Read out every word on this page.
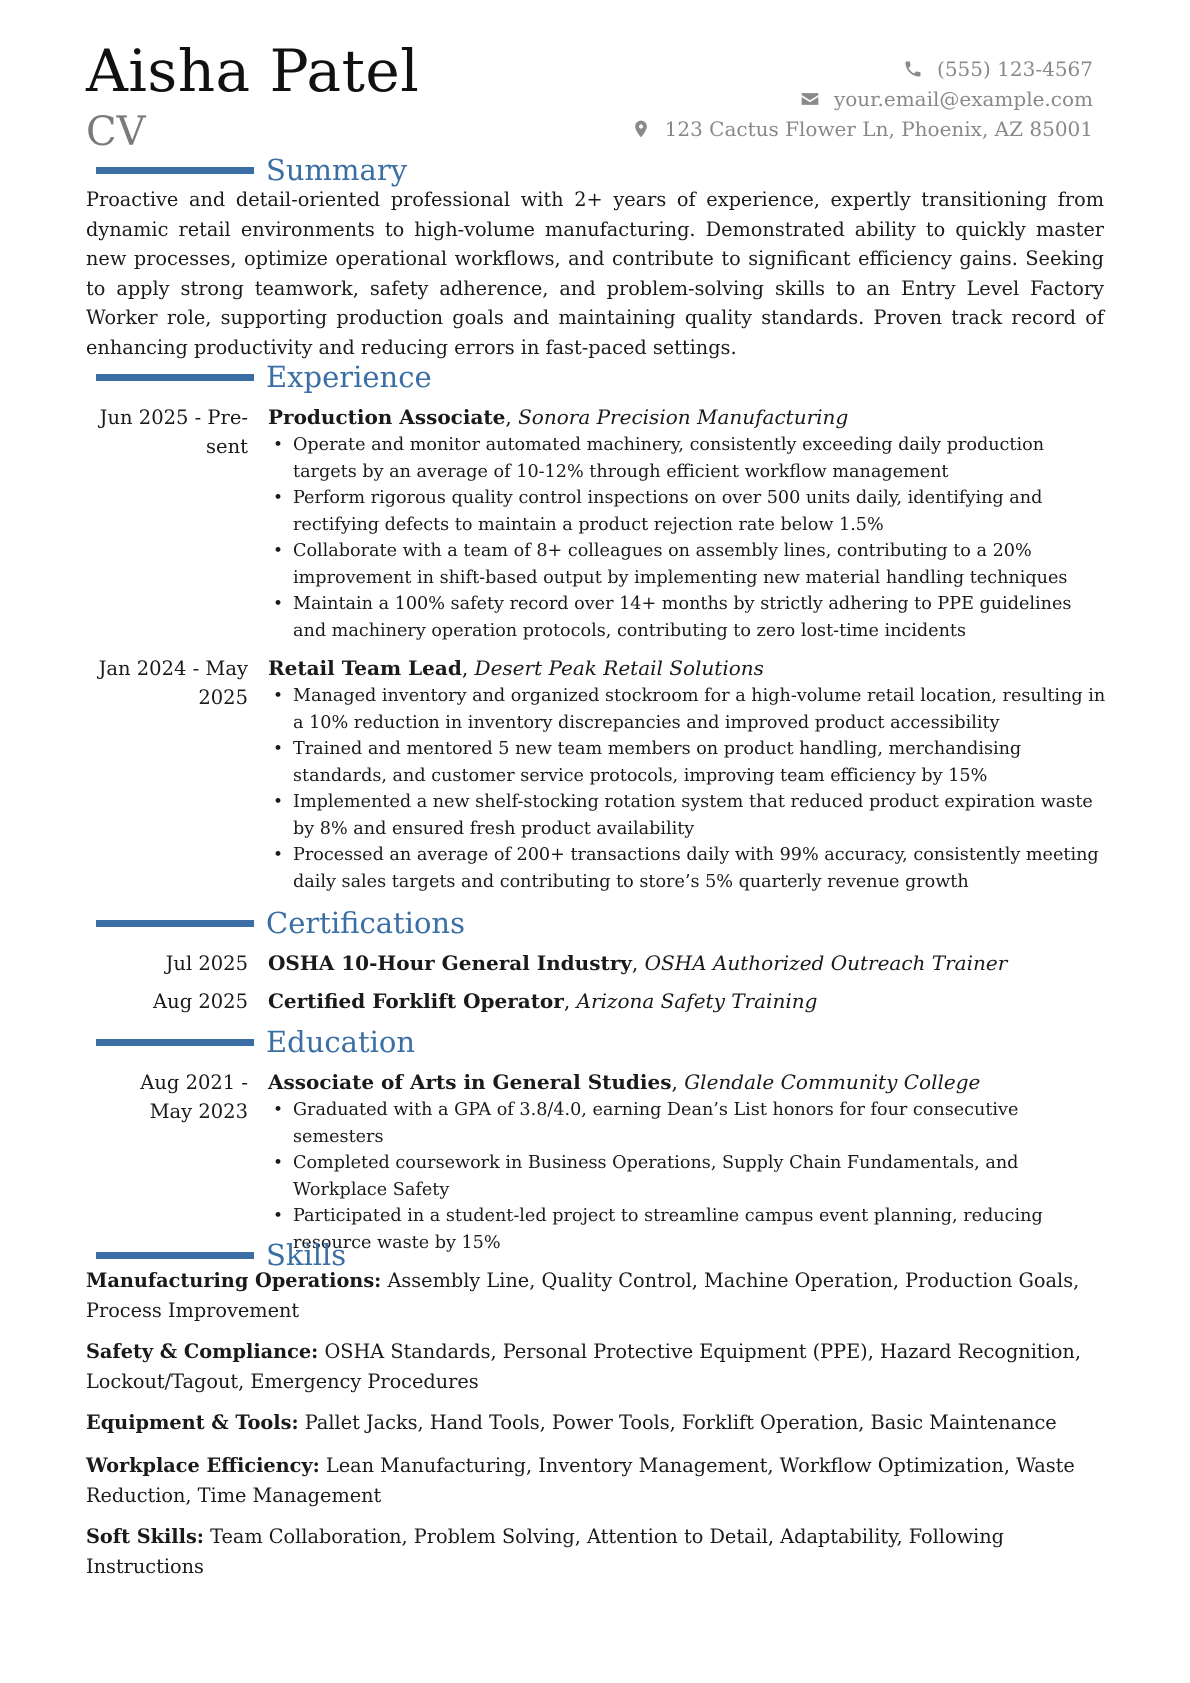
Aisha Patel
CV
(555) 123-4567
your.email@example.com
123 Cactus Flower Ln, Phoenix, AZ 85001
Summary

Proactive and detail-oriented professional with 2+ years of experience, expertly transitioning from dynamic retail environments to high-volume manufacturing. Demonstrated ability to quickly master new processes, optimize operational workflows, and contribute to significant efficiency gains. Seeking to apply strong teamwork, safety adherence, and problem-solving skills to an Entry Level Factory Worker role, supporting production goals and maintaining quality standards. Proven track record of enhancing productivity and reducing errors in fast-paced settings.

Experience
Jun 2025 - Pre-
sent
Production Associate, Sonora Precision Manufacturing
• Operate and monitor automated machinery, consistently exceeding daily production targets by an average of 10-12% through efficient workflow management
• Perform rigorous quality control inspections on over 500 units daily, identifying and rectifying defects to maintain a product rejection rate below 1.5%
• Collaborate with a team of 8+ colleagues on assembly lines, contributing to a 20% improvement in shift-based output by implementing new material handling techniques
• Maintain a 100% safety record over 14+ months by strictly adhering to PPE guidelines and machinery operation protocols, contributing to zero lost-time incidents
Jan 2024 - May
2025
Retail Team Lead, Desert Peak Retail Solutions
• Managed inventory and organized stockroom for a high-volume retail location, resulting in a 10% reduction in inventory discrepancies and improved product accessibility
• Trained and mentored 5 new team members on product handling, merchandising standards, and customer service protocols, improving team efficiency by 15%
• Implemented a new shelf-stocking rotation system that reduced product expiration waste by 8% and ensured fresh product availability
• Processed an average of 200+ transactions daily with 99% accuracy, consistently meeting daily sales targets and contributing to store’s 5% quarterly revenue growth
Certifications
Jul 2025 OSHA 10-Hour General Industry, OSHA Authorized Outreach Trainer
Aug 2025 Certified Forklift Operator, Arizona Safety Training
Education
Aug 2021 -
May 2023
Associate of Arts in General Studies, Glendale Community College
• Graduated with a GPA of 3.8/4.0, earning Dean’s List honors for four consecutive semesters
• Completed coursework in Business Operations, Supply Chain Fundamentals, and Workplace Safety
• Participated in a student-led project to streamline campus event planning, reducing resource waste by 15%
Skills

Manufacturing Operations: Assembly Line, Quality Control, Machine Operation, Production Goals, Process Improvement

Safety & Compliance: OSHA Standards, Personal Protective Equipment (PPE), Hazard Recognition, Lockout/Tagout, Emergency Procedures

Equipment & Tools: Pallet Jacks, Hand Tools, Power Tools, Forklift Operation, Basic Maintenance

Workplace Efficiency: Lean Manufacturing, Inventory Management, Workflow Optimization, Waste Reduction, Time Management

Soft Skills: Team Collaboration, Problem Solving, Attention to Detail, Adaptability, Following Instructions
